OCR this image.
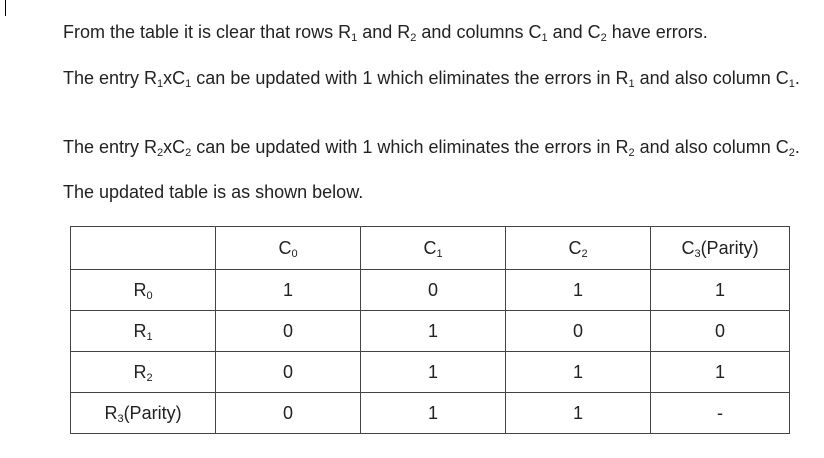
From the table it is clear that rows $R_1$ and $R_2$ and columns $C_1$ and $C_2$ have errors.

The entry $R_1xC_1$ can be updated with 1 which eliminates the errors in $R_1$ and also column $C_1$.

The entry $R_2xC_2$ can be updated with 1 which eliminates the errors in $R_2$ and also column $C_2$.

The updated table is as shown below.

	$C_0$	$C_1$	$C_2$	$C_3(Parity)$
$R_0$	1	0	1	1
$R_1$	0	1	0	0
$R_2$	0	1	1	1
$R_3(Parity)$	0	1	1	-
